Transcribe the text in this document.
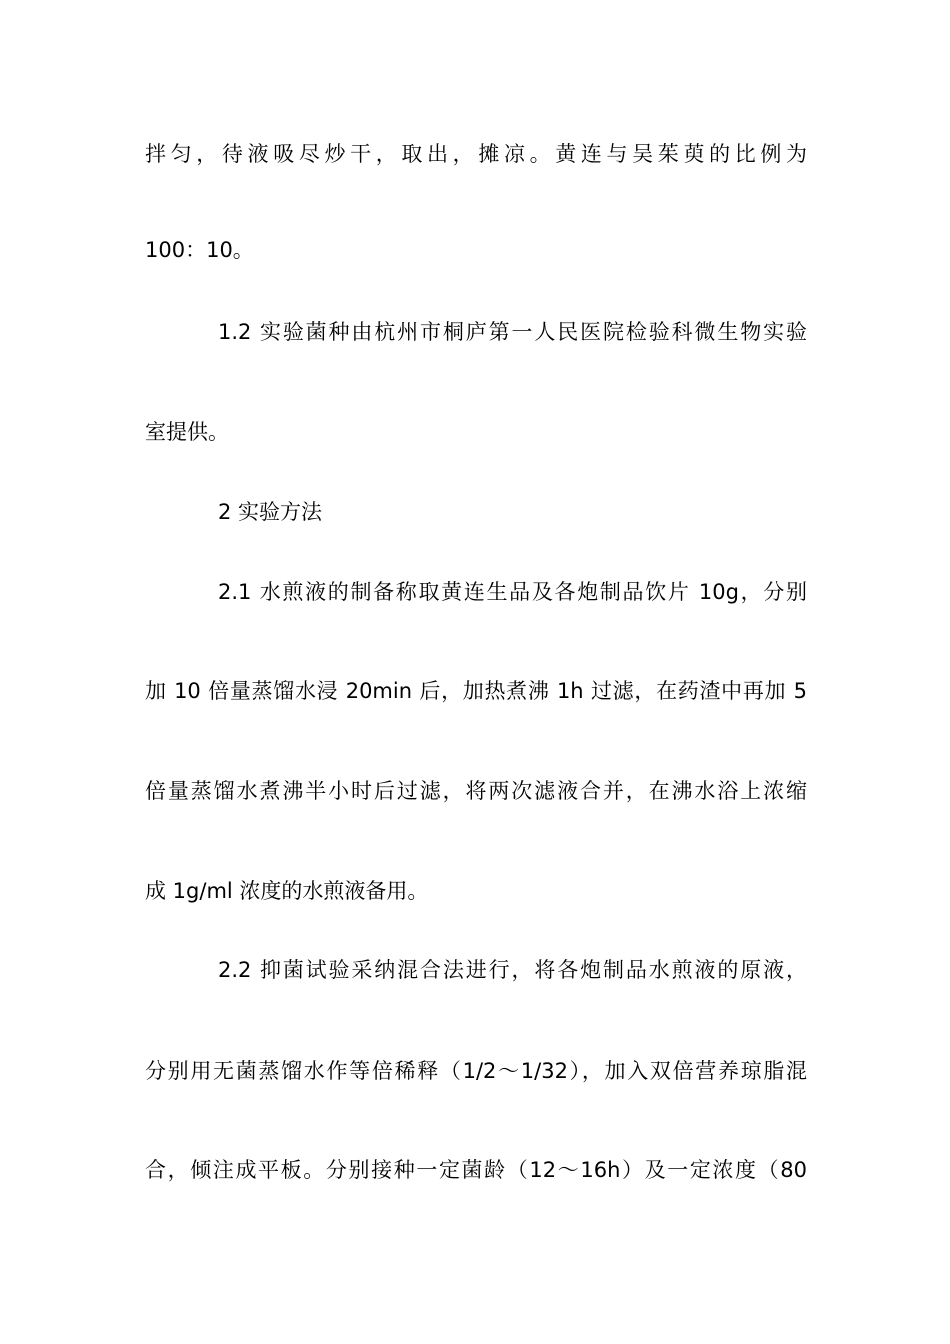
拌匀，待液吸尽炒干，取出，摊凉。黄连与吴茱萸的比例为
100：10。
1.2 实验菌种由杭州市桐庐第一人民医院检验科微生物实验
室提供。
2 实验方法
2.1 水煎液的制备称取黄连生品及各炮制品饮片 10g，分别
加 10 倍量蒸馏水浸 20min 后，加热煮沸 1h 过滤，在药渣中再加 5
倍量蒸馏水煮沸半小时后过滤，将两次滤液合并，在沸水浴上浓缩
成 1g/ml 浓度的水煎液备用。
2.2 抑菌试验采纳混合法进行，将各炮制品水煎液的原液，
分别用无菌蒸馏水作等倍稀释（1/2～1/32），加入双倍营养琼脂混
合，倾注成平板。分别接种一定菌龄（12～16h）及一定浓度（80
